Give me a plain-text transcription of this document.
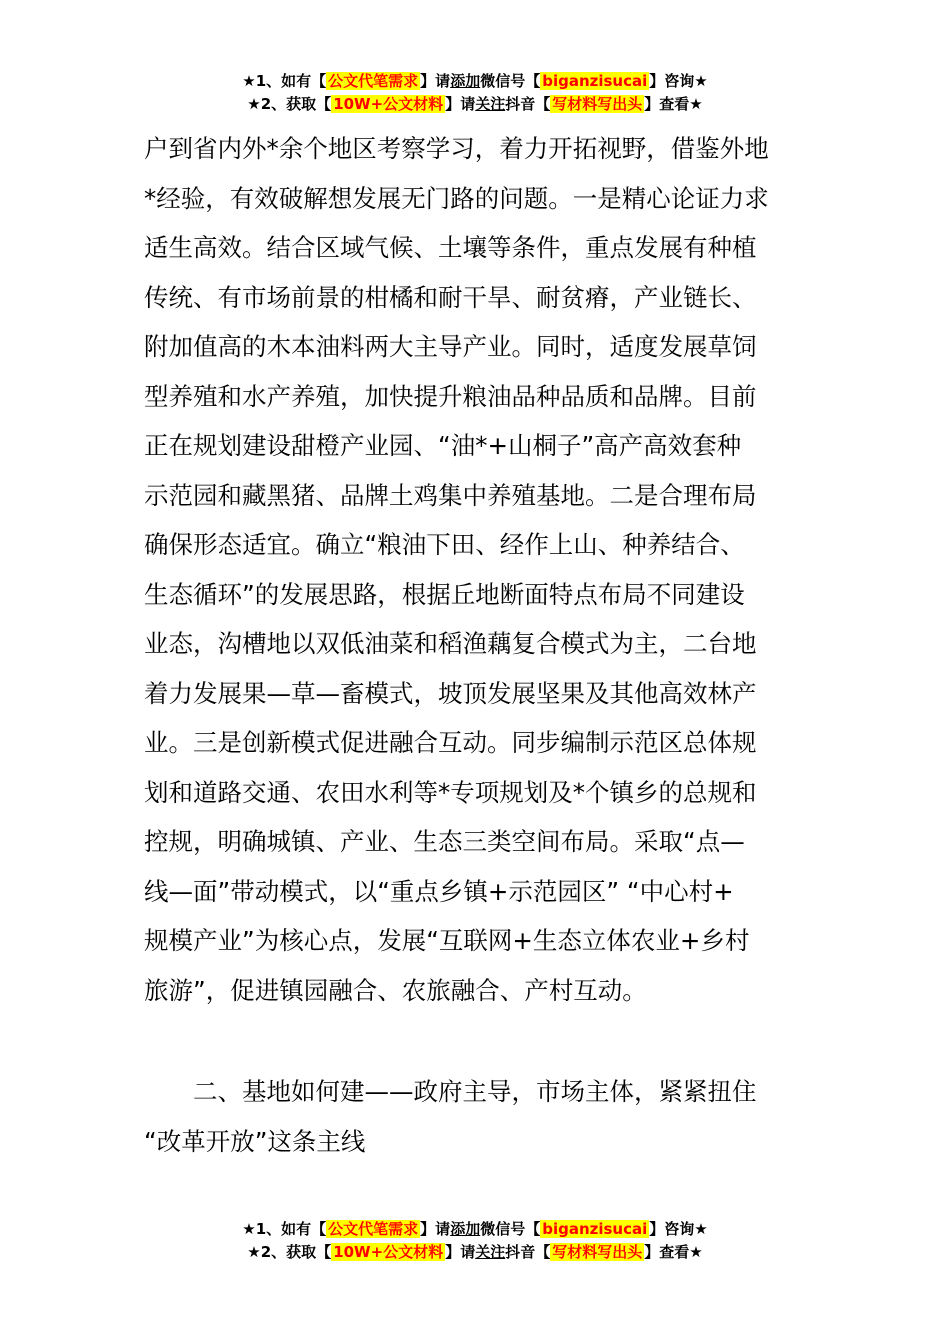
★1、如有【 公文代笔需求 】请添加微信号【 biganzisucai 】咨询★
★2、获取【 10W+公文材料 】请关注抖音【 写材料写出头 】查看★

户到省内外*余个地区考察学习，着力开拓视野，借鉴外地
*经验，有效破解想发展无门路的问题。一是精心论证力求
适生高效。结合区域气候、土壤等条件，重点发展有种植
传统、有市场前景的柑橘和耐干旱、耐贫瘠，产业链长、
附加值高的木本油料两大主导产业。同时，适度发展草饲
型养殖和水产养殖，加快提升粮油品种品质和品牌。目前
正在规划建设甜橙产业园、“油*+山桐子”高产高效套种
示范园和藏黑猪、品牌土鸡集中养殖基地。二是合理布局
确保形态适宜。确立“粮油下田、经作上山、种养结合、
生态循环”的发展思路，根据丘地断面特点布局不同建设
业态，沟槽地以双低油菜和稻渔藕复合模式为主，二台地
着力发展果—草—畜模式，坡顶发展坚果及其他高效林产
业。三是创新模式促进融合互动。同步编制示范区总体规
划和道路交通、农田水利等*专项规划及*个镇乡的总规和
控规，明确城镇、产业、生态三类空间布局。采取“点—
线—面”带动模式，以“重点乡镇+示范园区” “中心村+
规模产业”为核心点，发展“互联网+生态立体农业+乡村
旅游”，促进镇园融合、农旅融合、产村互动。

二、基地如何建——政府主导，市场主体，紧紧扭住
“改革开放”这条主线
★1、如有【 公文代笔需求 】请添加微信号【 biganzisucai 】咨询★
★2、获取【 10W+公文材料 】请关注抖音【 写材料写出头 】查看★
